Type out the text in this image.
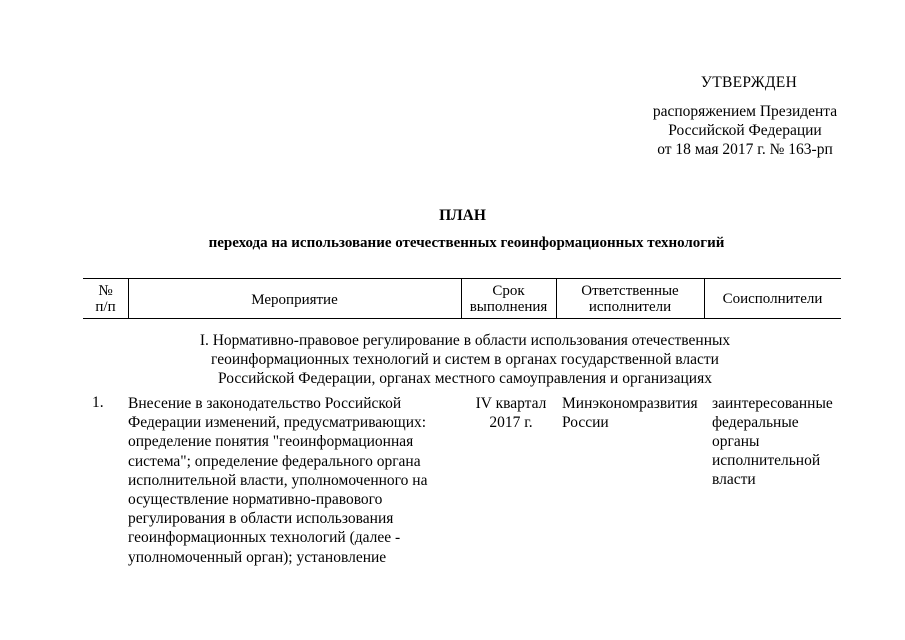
УТВЕРЖДЕН
распоряжением Президента
Российской Федерации
от 18 мая 2017 г. № 163-рп
ПЛАН
перехода на использование отечественных геоинформационных технологий
№
п/п	Мероприятие
Срок
выполнения
Ответственные
исполнители	Соисполнители
I. Нормативно-правовое регулирование в области использования отечественных
геоинформационных технологий и систем в органах государственной власти
Российской Федерации, органах местного самоуправления и организациях
1. Внесение в законодательство Российской
Федерации изменений, предусматривающих:
определение понятия "геоинформационная
система"; определение федерального органа
исполнительной власти, уполномоченного на
осуществление нормативно-правового
регулирования в области использования
геоинформационных технологий (далее -
уполномоченный орган); установление
IV квартал
2017 г.
Минэкономразвития
России
заинтересованные
федеральные
органы
исполнительной
власти
